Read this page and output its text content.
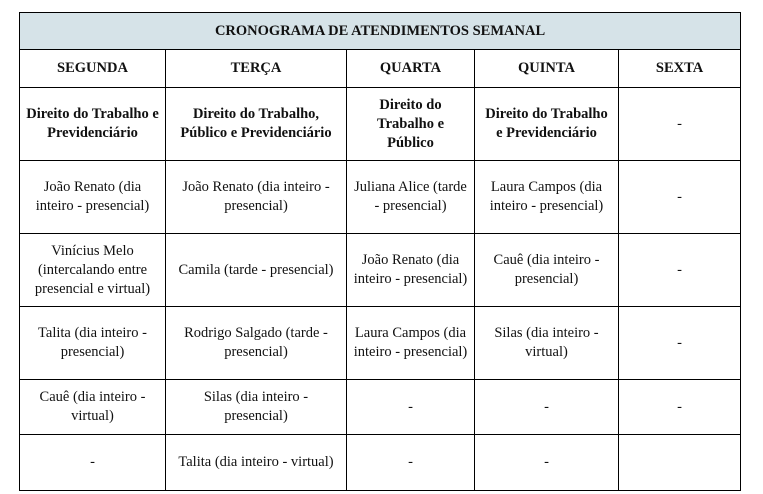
CRONOGRAMA DE ATENDIMENTOS SEMANAL				
SEGUNDA	TERÇA	QUARTA	QUINTA	SEXTA
Direito do Trabalho e Previdenciário	Direito do Trabalho, Público e Previdenciário	Direito do Trabalho e Público	Direito do Trabalho e Previdenciário	-
João Renato (dia inteiro - presencial)	João Renato (dia inteiro - presencial)	Juliana Alice (tarde - presencial)	Laura Campos (dia inteiro - presencial)	-
Vinícius Melo (intercalando entre presencial e virtual)	Camila (tarde - presencial)	João Renato (dia inteiro - presencial)	Cauê (dia inteiro - presencial)	-
Talita (dia inteiro - presencial)	Rodrigo Salgado (tarde - presencial)	Laura Campos (dia inteiro - presencial)	Silas (dia inteiro - virtual)	-
Cauê (dia inteiro - virtual)	Silas (dia inteiro - presencial)	-	-	-
-	Talita (dia inteiro - virtual)	-	-	
